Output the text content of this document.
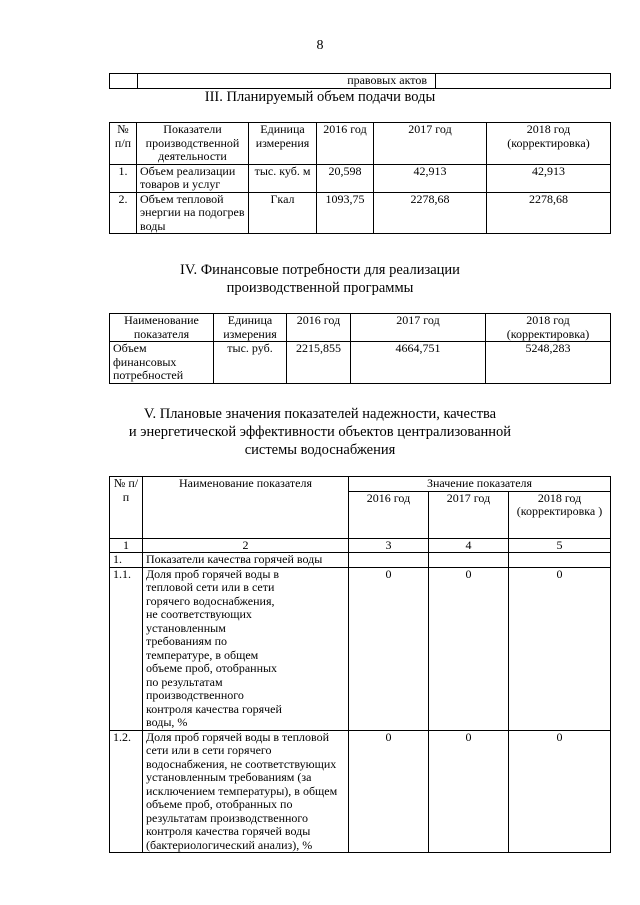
8
	правовых актов	
III. Планируемый объем подачи воды
№ п/п	Показатели производственной деятельности	Единица измерения	2016 год	2017 год	2018 год (корректировка)
1.	Объем реализации товаров и услуг	тыс. куб. м	20,598	42,913	42,913
2.	Объем тепловой энергии на подогрев воды	Гкал	1093,75	2278,68	2278,68
IV. Финансовые потребности для реализации
производственной программы
Наименование показателя	Единица измерения	2016 год	2017 год	2018 год (корректировка)
Объем финансовых потребностей	тыс. руб.	2215,855	4664,751	5248,283
V. Плановые значения показателей надежности, качества
и энергетической эффективности объектов централизованной
системы водоснабжения
№ п/п	Наименование показателя	Значение показателя		
		2016 год	2017 год	2018 год (корректировка )
1	2	3	4	5
1.	Показатели качества горячей воды			
1.1.	Доля проб горячей воды в тепловой сети или в сети горячего водоснабжения, не соответствующих установленным требованиям по температуре, в общем объеме проб, отобранных по результатам производственного контроля качества горячей воды, %	0	0	0
1.2.	Доля проб горячей воды в тепловой сети или в сети горячего водоснабжения, не соответствующих установленным требованиям (за исключением температуры), в общем объеме проб, отобранных по результатам производственного контроля качества горячей воды (бактериологический анализ), %	0	0	0
